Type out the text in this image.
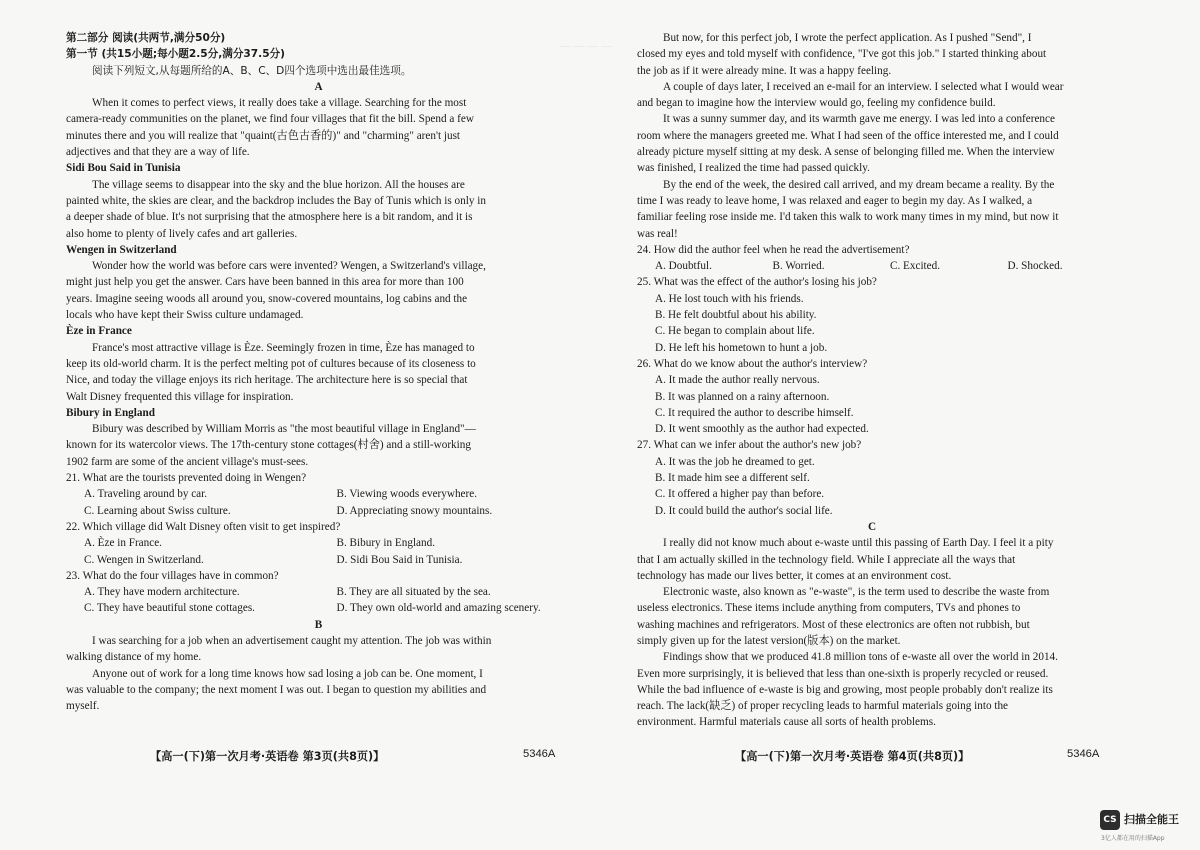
— — — —

第二部分 阅读(共两节,满分50分)

第一节 (共15小题;每小题2.5分,满分37.5分)

阅读下列短文,从每题所给的A、B、C、D四个选项中选出最佳选项。

A

When it comes to perfect views, it really does take a village. Searching for the most
camera-ready communities on the planet, we find four villages that fit the bill. Spend a few
minutes there and you will realize that "quaint(古色古香的)" and "charming" aren't just
adjectives and that they are a way of life.

Sidi Bou Said in Tunisia

The village seems to disappear into the sky and the blue horizon. All the houses are
painted white, the skies are clear, and the backdrop includes the Bay of Tunis which is only in
a deeper shade of blue. It's not surprising that the atmosphere here is a bit random, and it is
also home to plenty of lively cafes and art galleries.

Wengen in Switzerland

Wonder how the world was before cars were invented? Wengen, a Switzerland's village,
might just help you get the answer. Cars have been banned in this area for more than 100
years. Imagine seeing woods all around you, snow-covered mountains, log cabins and the
locals who have kept their Swiss culture undamaged.

Èze in France

France's most attractive village is Èze. Seemingly frozen in time, Èze has managed to
keep its old-world charm. It is the perfect melting pot of cultures because of its closeness to
Nice, and today the village enjoys its rich heritage. The architecture here is so special that
Walt Disney frequented this village for inspiration.

Bibury in England

Bibury was described by William Morris as "the most beautiful village in England"—
known for its watercolor views. The 17th-century stone cottages(村舍) and a still-working
1902 farm are some of the ancient village's must-sees.

21. What are the tourists prevented doing in Wengen?

A. Traveling around by car.	B. Viewing woods everywhere.
C. Learning about Swiss culture.	D. Appreciating snowy mountains.

22. Which village did Walt Disney often visit to get inspired?

A. Èze in France.	B. Bibury in England.
C. Wengen in Switzerland.	D. Sidi Bou Said in Tunisia.

23. What do the four villages have in common?

A. They have modern architecture.	B. They are all situated by the sea.
C. They have beautiful stone cottages.	D. They own old-world and amazing scenery.

B

I was searching for a job when an advertisement caught my attention. The job was within
walking distance of my home.
Anyone out of work for a long time knows how sad losing a job can be. One moment, I
was valuable to the company; the next moment I was out. I began to question my abilities and
myself.
【高一(下)第一次月考·英语卷 第3页(共8页)】	5346A
But now, for this perfect job, I wrote the perfect application. As I pushed "Send", I
closed my eyes and told myself with confidence, "I've got this job." I started thinking about
the job as if it were already mine. It was a happy feeling.
A couple of days later, I received an e-mail for an interview. I selected what I would wear
and began to imagine how the interview would go, feeling my confidence build.
It was a sunny summer day, and its warmth gave me energy. I was led into a conference
room where the managers greeted me. What I had seen of the office interested me, and I could
already picture myself sitting at my desk. A sense of belonging filled me. When the interview
was finished, I realized the time had passed quickly.
By the end of the week, the desired call arrived, and my dream became a reality. By the
time I was ready to leave home, I was relaxed and eager to begin my day. As I walked, a
familiar feeling rose inside me. I'd taken this walk to work many times in my mind, but now it
was real!

24. How did the author feel when he read the advertisement?

A. Doubtful.	B. Worried.	C. Excited.	D. Shocked.

25. What was the effect of the author's losing his job?

A. He lost touch with his friends.
B. He felt doubtful about his ability.
C. He began to complain about life.
D. He left his hometown to hunt a job.

26. What do we know about the author's interview?

A. It made the author really nervous.
B. It was planned on a rainy afternoon.
C. It required the author to describe himself.
D. It went smoothly as the author had expected.

27. What can we infer about the author's new job?

A. It was the job he dreamed to get.
B. It made him see a different self.
C. It offered a higher pay than before.
D. It could build the author's social life.

C

I really did not know much about e-waste until this passing of Earth Day. I feel it a pity
that I am actually skilled in the technology field. While I appreciate all the ways that
technology has made our lives better, it comes at an environment cost.
Electronic waste, also known as "e-waste", is the term used to describe the waste from
useless electronics. These items include anything from computers, TVs and phones to
washing machines and refrigerators. Most of these electronics are often not rubbish, but
simply given up for the latest version(版本) on the market.
Findings show that we produced 41.8 million tons of e-waste all over the world in 2014.
Even more surprisingly, it is believed that less than one-sixth is properly recycled or reused.
While the bad influence of e-waste is big and growing, most people probably don't realize its
reach. The lack(缺乏) of proper recycling leads to harmful materials going into the
environment. Harmful materials cause all sorts of health problems.
【高一(下)第一次月考·英语卷 第4页(共8页)】	5346A
CS 扫描全能王
3亿人都在用的扫描App
